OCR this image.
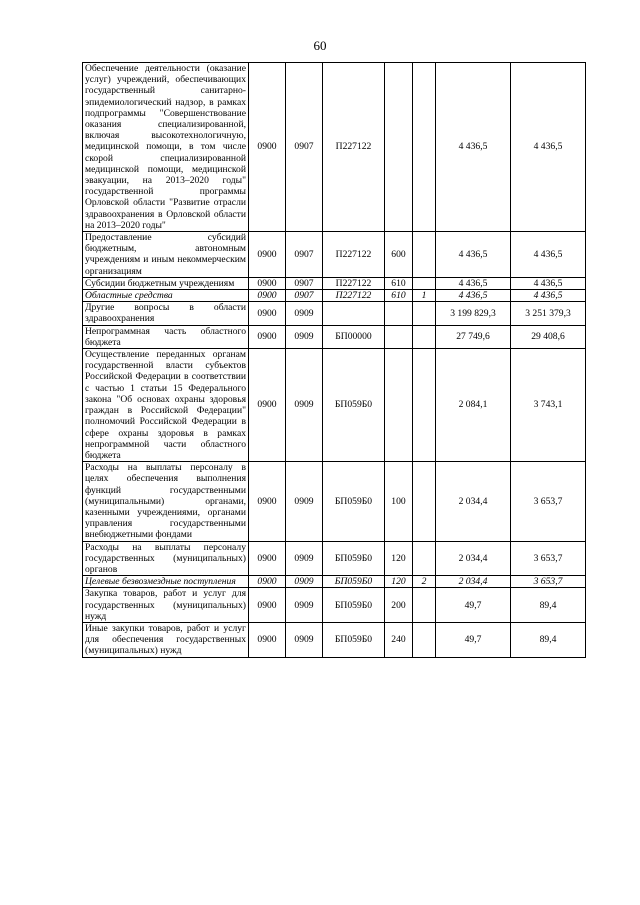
60
Обеспечение деятельности (оказание услуг) учреждений, обеспечивающих государственный санитарно-эпидемиологический надзор, в рамках подпрограммы "Совершенствование оказания специализированной, включая высокотехнологичную, медицинской помощи, в том числе скорой специализированной медицинской помощи, медицинской эвакуации, на 2013–2020 годы" государственной программы Орловской области "Развитие отрасли здравоохранения в Орловской области на 2013–2020 годы"	0900	0907	П227122			4 436,5	4 436,5
Предоставление субсидий бюджетным, автономным учреждениям и иным некоммерческим организациям	0900	0907	П227122	600		4 436,5	4 436,5
Субсидии бюджетным учреждениям	0900	0907	П227122	610		4 436,5	4 436,5
Областные средства	0900	0907	П227122	610	1	4 436,5	4 436,5
Другие вопросы в области здравоохранения	0900	0909				3 199 829,3	3 251 379,3
Непрограммная часть областного бюджета	0900	0909	БП00000			27 749,6	29 408,6
Осуществление переданных органам государственной власти субъектов Российской Федерации в соответствии с частью 1 статьи 15 Федерального закона "Об основах охраны здоровья граждан в Российской Федерации" полномочий Российской Федерации в сфере охраны здоровья в рамках непрограммной части областного бюджета	0900	0909	БП059Б0			2 084,1	3 743,1
Расходы на выплаты персоналу в целях обеспечения выполнения функций государственными (муниципальными) органами, казенными учреждениями, органами управления государственными внебюджетными фондами	0900	0909	БП059Б0	100		2 034,4	3 653,7
Расходы на выплаты персоналу государственных (муниципальных) органов	0900	0909	БП059Б0	120		2 034,4	3 653,7
Целевые безвозмездные поступления	0900	0909	БП059Б0	120	2	2 034,4	3 653,7
Закупка товаров, работ и услуг для государственных (муниципальных) нужд	0900	0909	БП059Б0	200		49,7	89,4
Иные закупки товаров, работ и услуг для обеспечения государственных (муниципальных) нужд	0900	0909	БП059Б0	240		49,7	89,4
